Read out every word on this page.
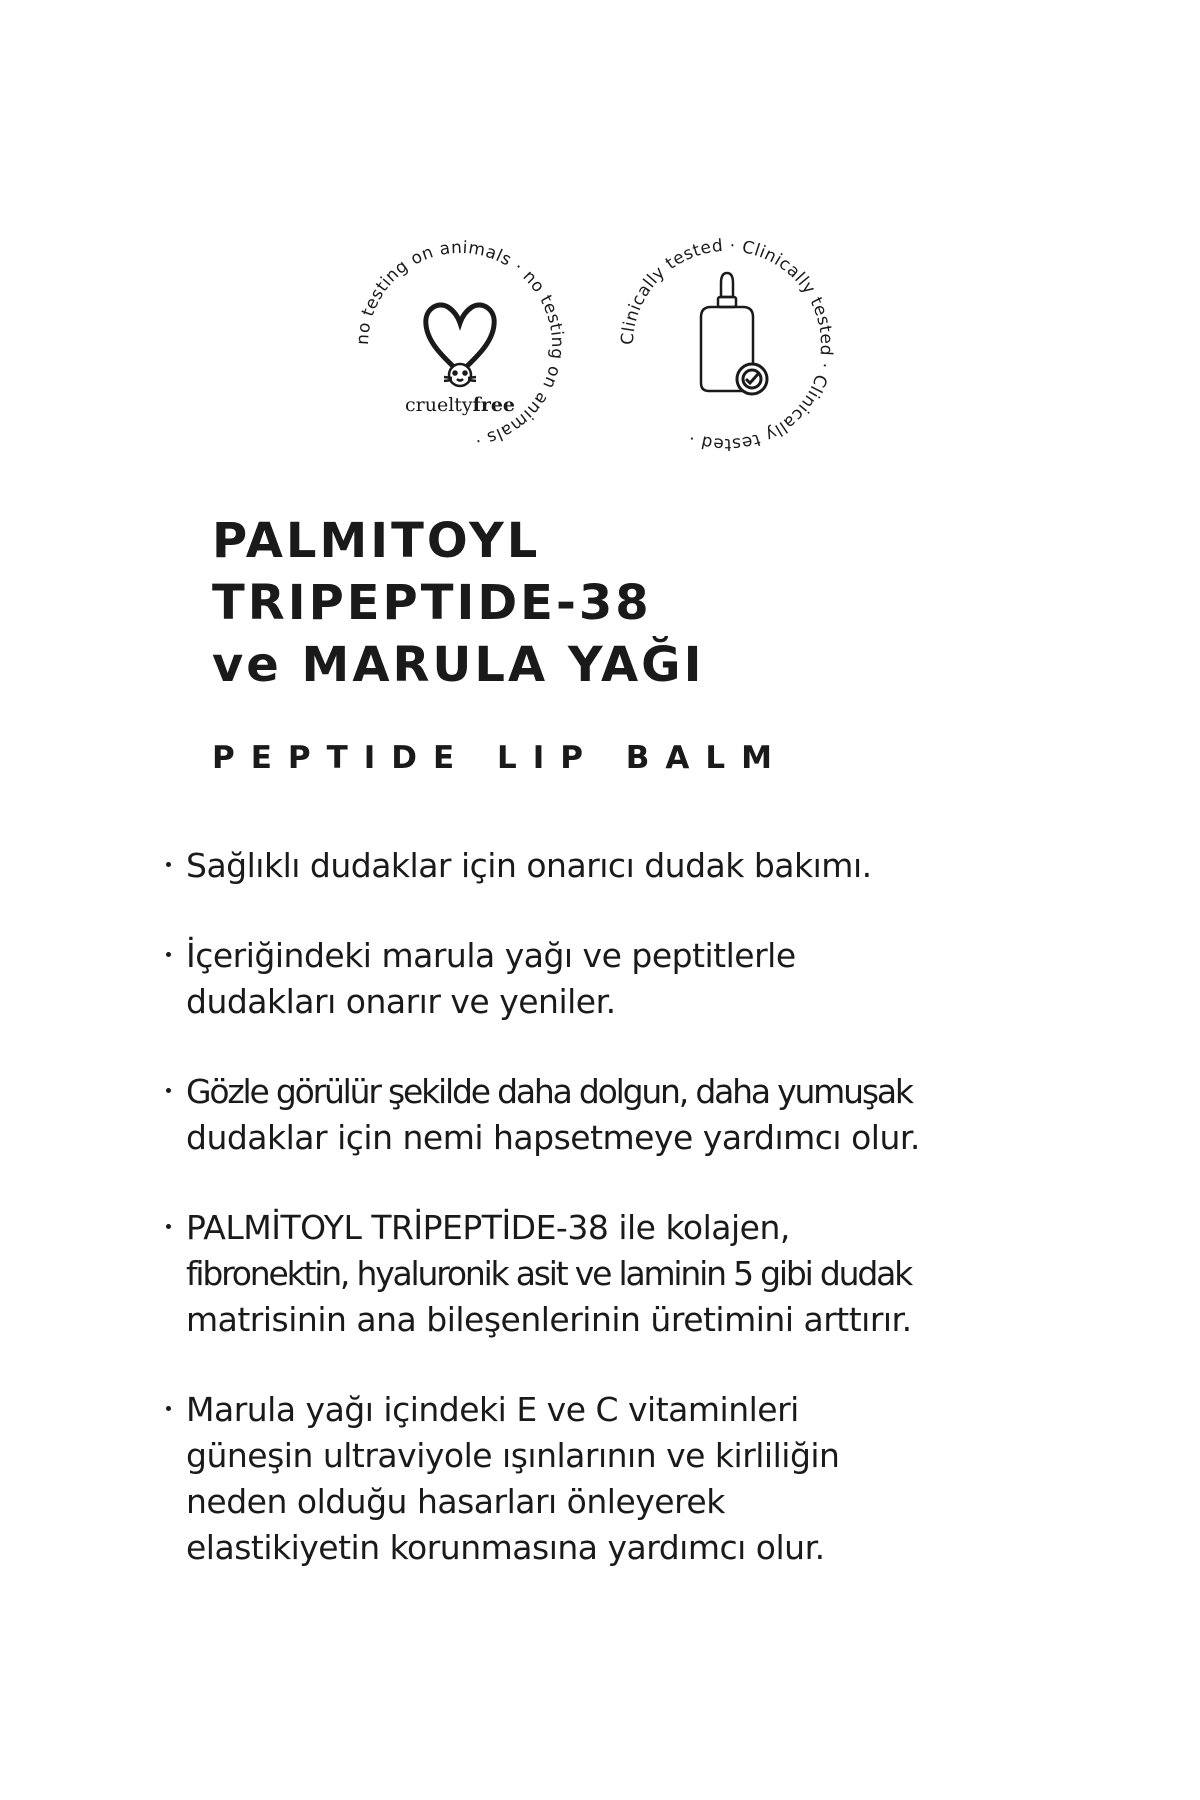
no testing on animals · no testing on animals ·
crueltyfree
Clinically tested · Clinically tested · Clinically tested ·
PALMITOYL
TRIPEPTIDE-38
ve MARULA YAĞI
PEPTIDE LIP BALM
Sağlıklı dudaklar için onarıcı dudak bakımı.
İçeriğindeki marula yağı ve peptitlerle
dudakları onarır ve yeniler.
Gözle görülür şekilde daha dolgun, daha yumuşak
dudaklar için nemi hapsetmeye yardımcı olur.
PALMİTOYL TRİPEPTİDE-38 ile kolajen,
fibronektin, hyaluronik asit ve laminin 5 gibi dudak
matrisinin ana bileşenlerinin üretimini arttırır.
Marula yağı içindeki E ve C vitaminleri
güneşin ultraviyole ışınlarının ve kirliliğin
neden olduğu hasarları önleyerek
elastikiyetin korunmasına yardımcı olur.
